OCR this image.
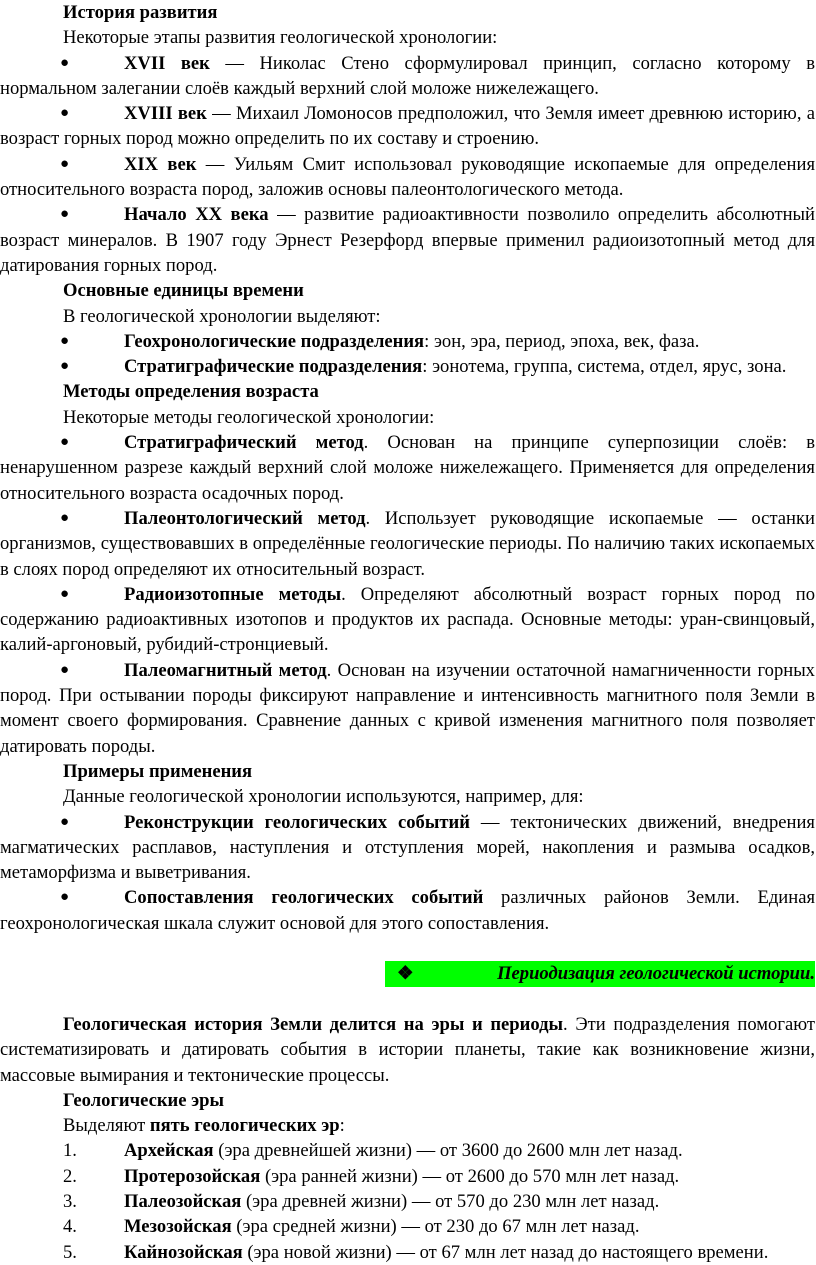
История развития

Некоторые этапы развития геологической хронологии:

●	XVII век — Николас Стено сформулировал принцип, согласно которому в нормальном залегании слоёв каждый верхний слой моложе нижележащего.

●	XVIII век — Михаил Ломоносов предположил, что Земля имеет древнюю историю, а возраст горных пород можно определить по их составу и строению.

●	XIX век — Уильям Смит использовал руководящие ископаемые для определения относительного возраста пород, заложив основы палеонтологического метода.

●	Начало XX века — развитие радиоактивности позволило определить абсолютный возраст минералов. В 1907 году Эрнест Резерфорд впервые применил радиоизотопный метод для датирования горных пород.

Основные единицы времени

В геологической хронологии выделяют:

●	Геохронологические подразделения: эон, эра, период, эпоха, век, фаза.

●	Стратиграфические подразделения: эонотема, группа, система, отдел, ярус, зона.

Методы определения возраста

Некоторые методы геологической хронологии:

●	Стратиграфический метод. Основан на принципе суперпозиции слоёв: в ненарушенном разрезе каждый верхний слой моложе нижележащего. Применяется для определения относительного возраста осадочных пород.

●	Палеонтологический метод. Использует руководящие ископаемые — останки организмов, существовавших в определённые геологические периоды. По наличию таких ископаемых в слоях пород определяют их относительный возраст.

●	Радиоизотопные методы. Определяют абсолютный возраст горных пород по содержанию радиоактивных изотопов и продуктов их распада. Основные методы: уран-свинцовый, калий-аргоновый, рубидий-стронциевый.

●	Палеомагнитный метод. Основан на изучении остаточной намагниченности горных пород. При остывании породы фиксируют направление и интенсивность магнитного поля Земли в момент своего формирования. Сравнение данных с кривой изменения магнитного поля позволяет датировать породы.

Примеры применения

Данные геологической хронологии используются, например, для:

●	Реконструкции геологических событий — тектонических движений, внедрения магматических расплавов, наступления и отступления морей, накопления и размыва осадков, метаморфизма и выветривания.

●	Сопоставления геологических событий различных районов Земли. Единая геохронологическая шкала служит основой для этого сопоставления.

❖	Периодизация геологической истории.

Геологическая история Земли делится на эры и периоды. Эти подразделения помогают систематизировать и датировать события в истории планеты, такие как возникновение жизни, массовые вымирания и тектонические процессы.

Геологические эры

Выделяют пять геологических эр:

1.	Архейская (эра древнейшей жизни) — от 3600 до 2600 млн лет назад.

2.	Протерозойская (эра ранней жизни) — от 2600 до 570 млн лет назад.

3.	Палеозойская (эра древней жизни) — от 570 до 230 млн лет назад.

4.	Мезозойская (эра средней жизни) — от 230 до 67 млн лет назад.

5.	Кайнозойская (эра новой жизни) — от 67 млн лет назад до настоящего времени.
